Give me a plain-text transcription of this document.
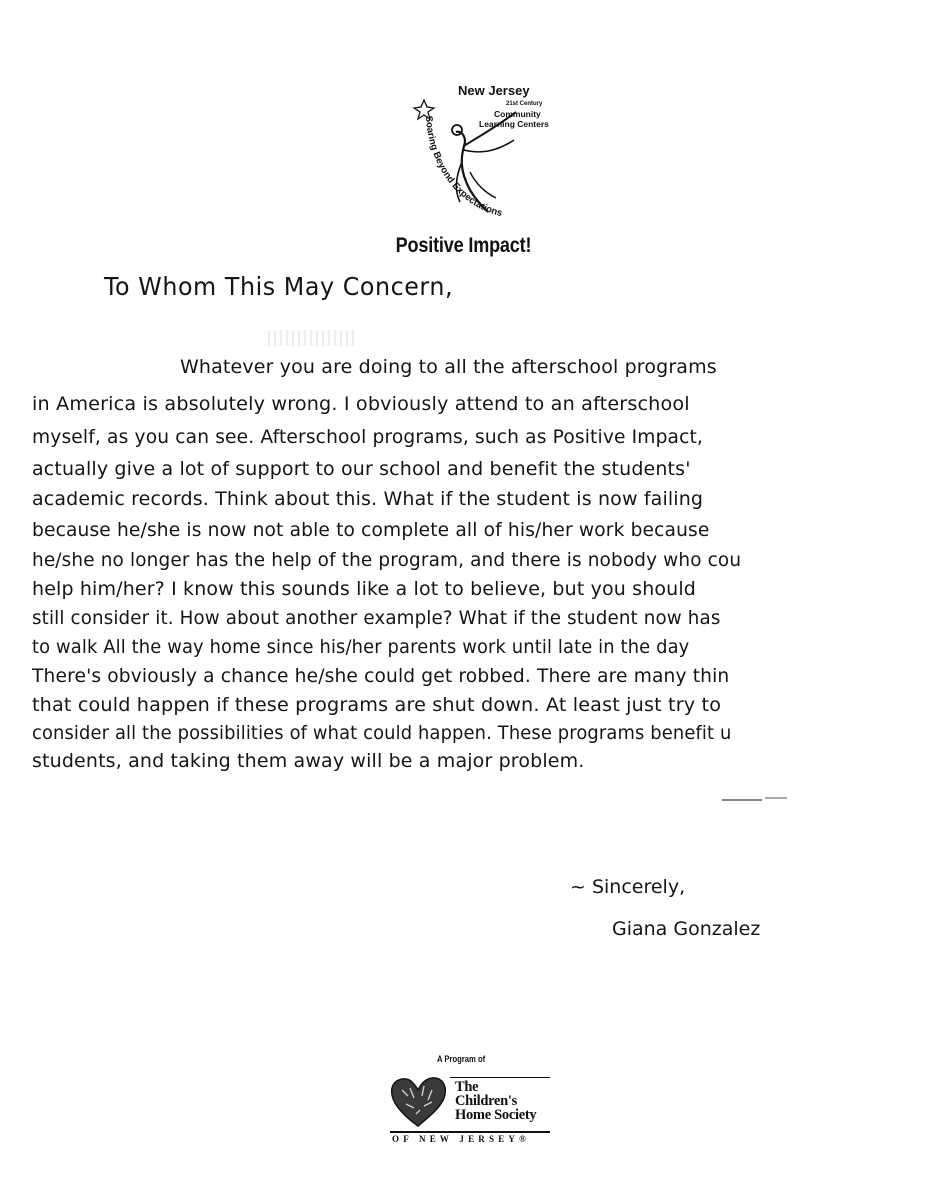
Soaring Beyond Expectations
New Jersey
21st Century
Community
Learning Centers
Positive Impact!
To Whom This May Concern,
Whatever you are doing to all the afterschool programs
in America is absolutely wrong. I obviously attend to an afterschool
myself, as you can see. Afterschool programs, such as Positive Impact,
actually give a lot of support to our school and benefit the students'
academic records. Think about this. What if the student is now failing
because he/she is now not able to complete all of his/her work because
he/she no longer has the help of the program, and there is nobody who cou
help him/her? I know this sounds like a lot to believe, but you should
still consider it. How about another example? What if the student now has
to walk All the way home since his/her parents work until late in the day
There's obviously a chance he/she could get robbed. There are many thin
that could happen if these programs are shut down. At least just try to
consider all the possibilities of what could happen. These programs benefit u
students, and taking them away will be a major problem.
~ Sincerely,
Giana Gonzalez
A Program of
The
Children's
Home Society
OF NEW JERSEY®
